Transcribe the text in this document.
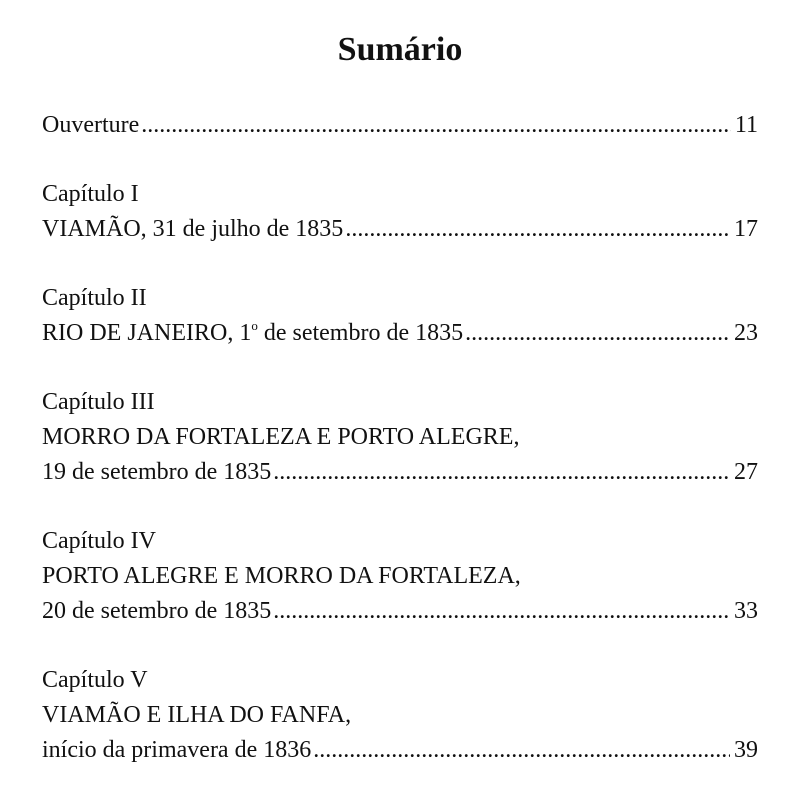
Sumário
Ouverture .....	11
Capítulo I
VIAMÃO, 31 de julho de 1835 .....	17
Capítulo II
RIO DE JANEIRO, 1$^o$ de setembro de 1835 .....	23
Capítulo III
MORRO DA FORTALEZA E PORTO ALEGRE,
19 de setembro de 1835 .....	27
Capítulo IV
PORTO ALEGRE E MORRO DA FORTALEZA,
20 de setembro de 1835 .....	33
Capítulo V
VIAMÃO E ILHA DO FANFA,
início da primavera de 1836 .....	39
